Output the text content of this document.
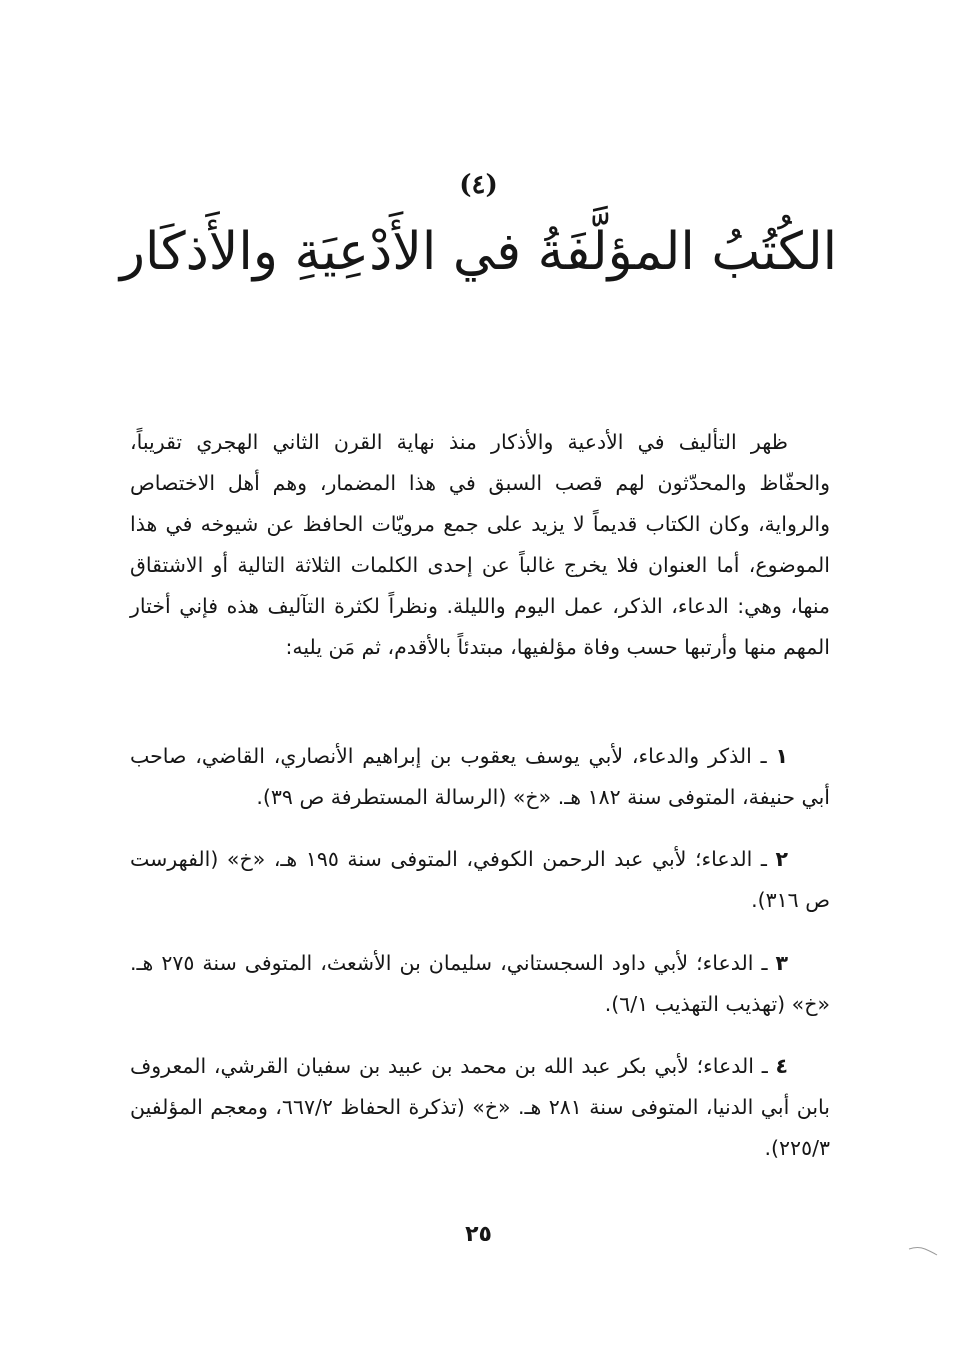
(٤)
الكُتُبُ المؤلَّفَةُ في الأَدْعِيَةِ والأَذكَار

ظهر التأليف في الأدعية والأذكار منذ نهاية القرن الثاني الهجري تقريباً، والحفّاظ والمحدّثون لهم قصب السبق في هذا المضمار، وهم أهل الاختصاص والرواية، وكان الكتاب قديماً لا يزيد على جمع مرويّات الحافظ عن شيوخه في هذا الموضوع، أما العنوان فلا يخرج غالباً عن إحدى الكلمات الثلاثة التالية أو الاشتقاق منها، وهي: الدعاء، الذكر، عمل اليوم والليلة. ونظراً لكثرة التآليف هذه فإني أختار المهم منها وأرتبها حسب وفاة مؤلفيها، مبتدئاً بالأقدم، ثم مَن يليه:

١ ـ الذكر والدعاء، لأبي يوسف يعقوب بن إبراهيم الأنصاري، القاضي، صاحب أبي حنيفة، المتوفى سنة ١٨٢ هـ. «خ» (الرسالة المستطرفة ص ٣٩).

٢ ـ الدعاء؛ لأبي عبد الرحمن الكوفي، المتوفى سنة ١٩٥ هـ، «خ» (الفهرست ص ٣١٦).

٣ ـ الدعاء؛ لأبي داود السجستاني، سليمان بن الأشعث، المتوفى سنة ٢٧٥ هـ. «خ» (تهذيب التهذيب ٦/١).

٤ ـ الدعاء؛ لأبي بكر عبد الله بن محمد بن عبيد بن سفيان القرشي، المعروف بابن أبي الدنيا، المتوفى سنة ٢٨١ هـ. «خ» (تذكرة الحفاظ ٦٦٧/٢، ومعجم المؤلفين ٢٢٥/٣).

٢٥
